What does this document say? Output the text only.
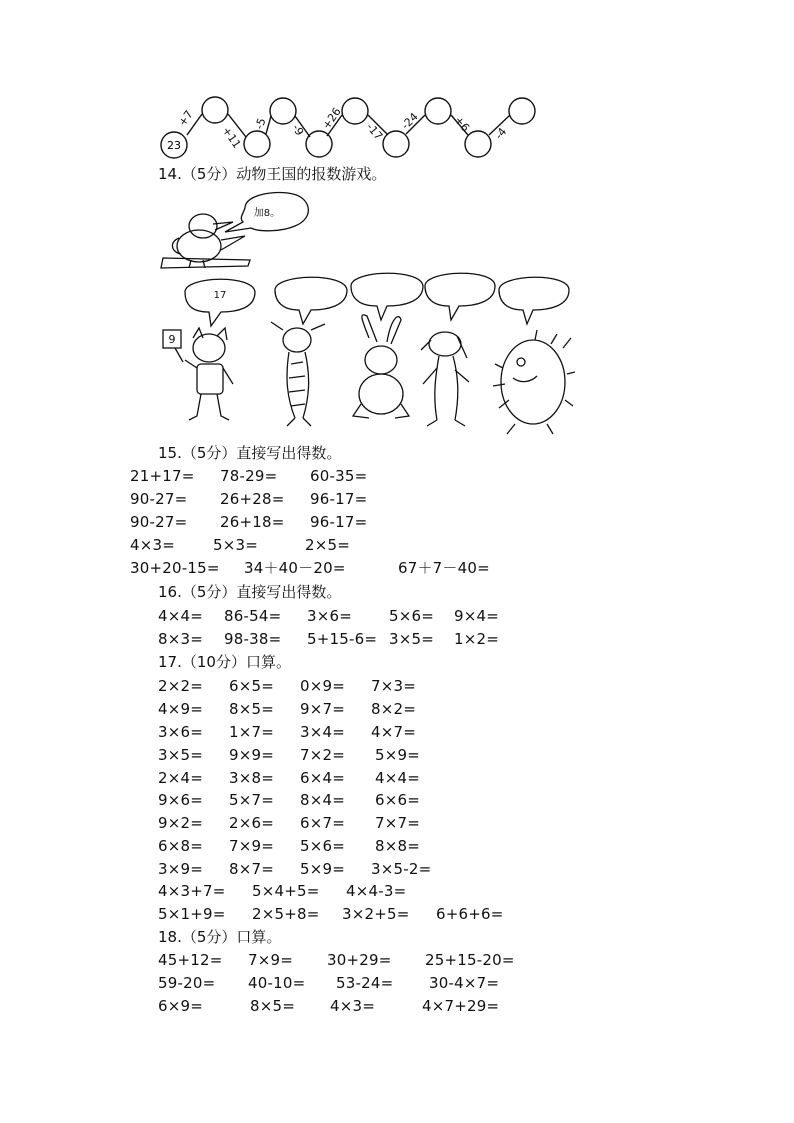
23
+7
+11
-5 -9 +26 -17 -24	+6 -4
14.（5分）动物王国的报数游戏。
加8。
17
9
15.（5分）直接写出得数。
21+17= 78-29= 60-35=
90-27= 26+28= 96-17=
90-27= 26+18= 96-17=
4×3=	5×3=	2×5=
30+20-15= 34＋40－20=	67＋7－40=
16.（5分）直接写出得数。
4×4= 86-54= 3×6= 5×6= 9×4=
8×3= 98-38= 5+15-6= 3×5= 1×2=
17.（10分）口算。
2×2= 6×5= 0×9= 7×3=
4×9= 8×5= 9×7= 8×2=
3×6= 1×7= 3×4= 4×7=
3×5= 9×9= 7×2= 5×9=
2×4= 3×8= 6×4= 4×4=
9×6= 5×7= 8×4= 6×6=
9×2= 2×6= 6×7= 7×7=
6×8= 7×9= 5×6= 8×8=
3×9= 8×7= 5×9= 3×5-2=
4×3+7= 5×4+5= 4×4-3=
5×1+9= 2×5+8= 3×2+5= 6+6+6=
18.（5分）口算。
45+12= 7×9= 30+29= 25+15-20=
59-20= 40-10= 53-24= 30-4×7=
6×9=	8×5= 4×3=	4×7+29=
